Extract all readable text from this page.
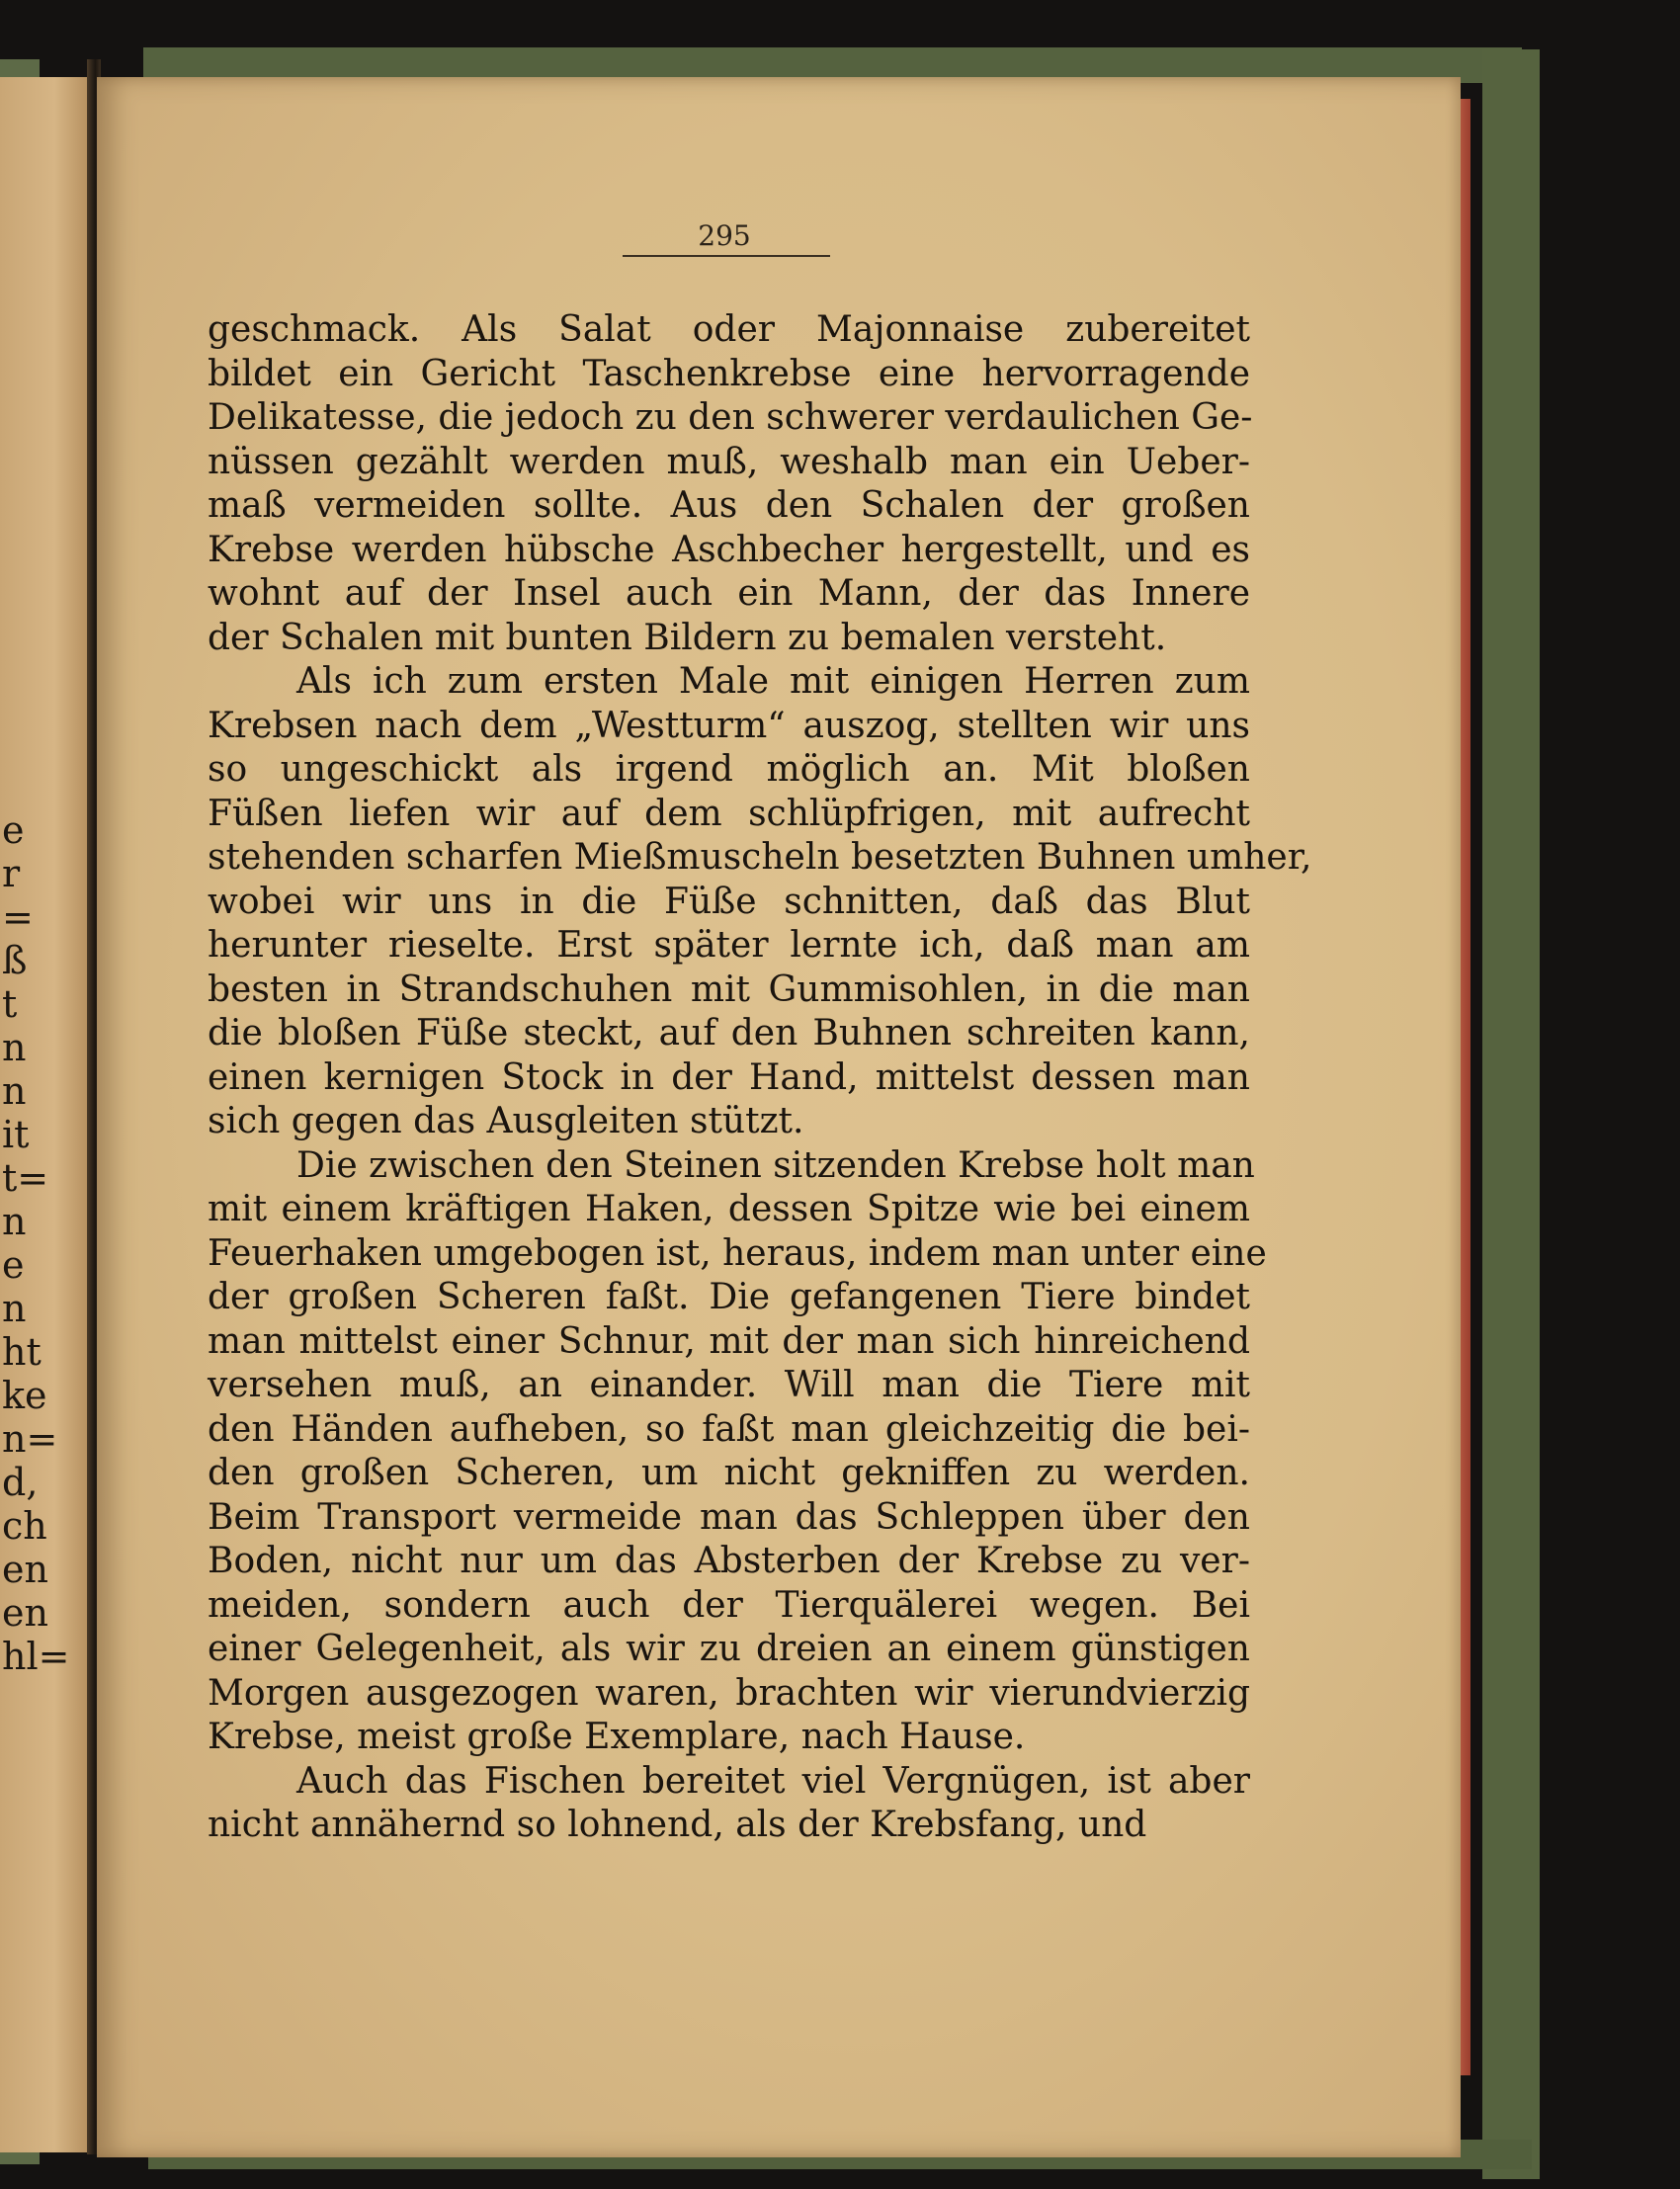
e
r
=
ß
t
n
n
it
t=
n
e
n
ht
ke
n=
d,
ch
en
en
hl=
295
geschmack. Als Salat oder Majonnaise zubereitet
bildet ein Gericht Taschenkrebse eine hervorragende
Delikatesse, die jedoch zu den schwerer verdaulichen Ge-
nüssen gezählt werden muß, weshalb man ein Ueber-
maß vermeiden sollte. Aus den Schalen der großen
Krebse werden hübsche Aschbecher hergestellt, und es
wohnt auf der Insel auch ein Mann, der das Innere
der Schalen mit bunten Bildern zu bemalen versteht.
Als ich zum ersten Male mit einigen Herren zum
Krebsen nach dem „Westturm“ auszog, stellten wir uns
so ungeschickt als irgend möglich an. Mit bloßen
Füßen liefen wir auf dem schlüpfrigen, mit aufrecht
stehenden scharfen Mießmuscheln besetzten Buhnen umher,
wobei wir uns in die Füße schnitten, daß das Blut
herunter rieselte. Erst später lernte ich, daß man am
besten in Strandschuhen mit Gummisohlen, in die man
die bloßen Füße steckt, auf den Buhnen schreiten kann,
einen kernigen Stock in der Hand, mittelst dessen man
sich gegen das Ausgleiten stützt.
Die zwischen den Steinen sitzenden Krebse holt man
mit einem kräftigen Haken, dessen Spitze wie bei einem
Feuerhaken umgebogen ist, heraus, indem man unter eine
der großen Scheren faßt. Die gefangenen Tiere bindet
man mittelst einer Schnur, mit der man sich hinreichend
versehen muß, an einander. Will man die Tiere mit
den Händen aufheben, so faßt man gleichzeitig die bei-
den großen Scheren, um nicht gekniffen zu werden.
Beim Transport vermeide man das Schleppen über den
Boden, nicht nur um das Absterben der Krebse zu ver-
meiden, sondern auch der Tierquälerei wegen. Bei
einer Gelegenheit, als wir zu dreien an einem günstigen
Morgen ausgezogen waren, brachten wir vierundvierzig
Krebse, meist große Exemplare, nach Hause.
Auch das Fischen bereitet viel Vergnügen, ist aber
nicht annähernd so lohnend, als der Krebsfang, und
